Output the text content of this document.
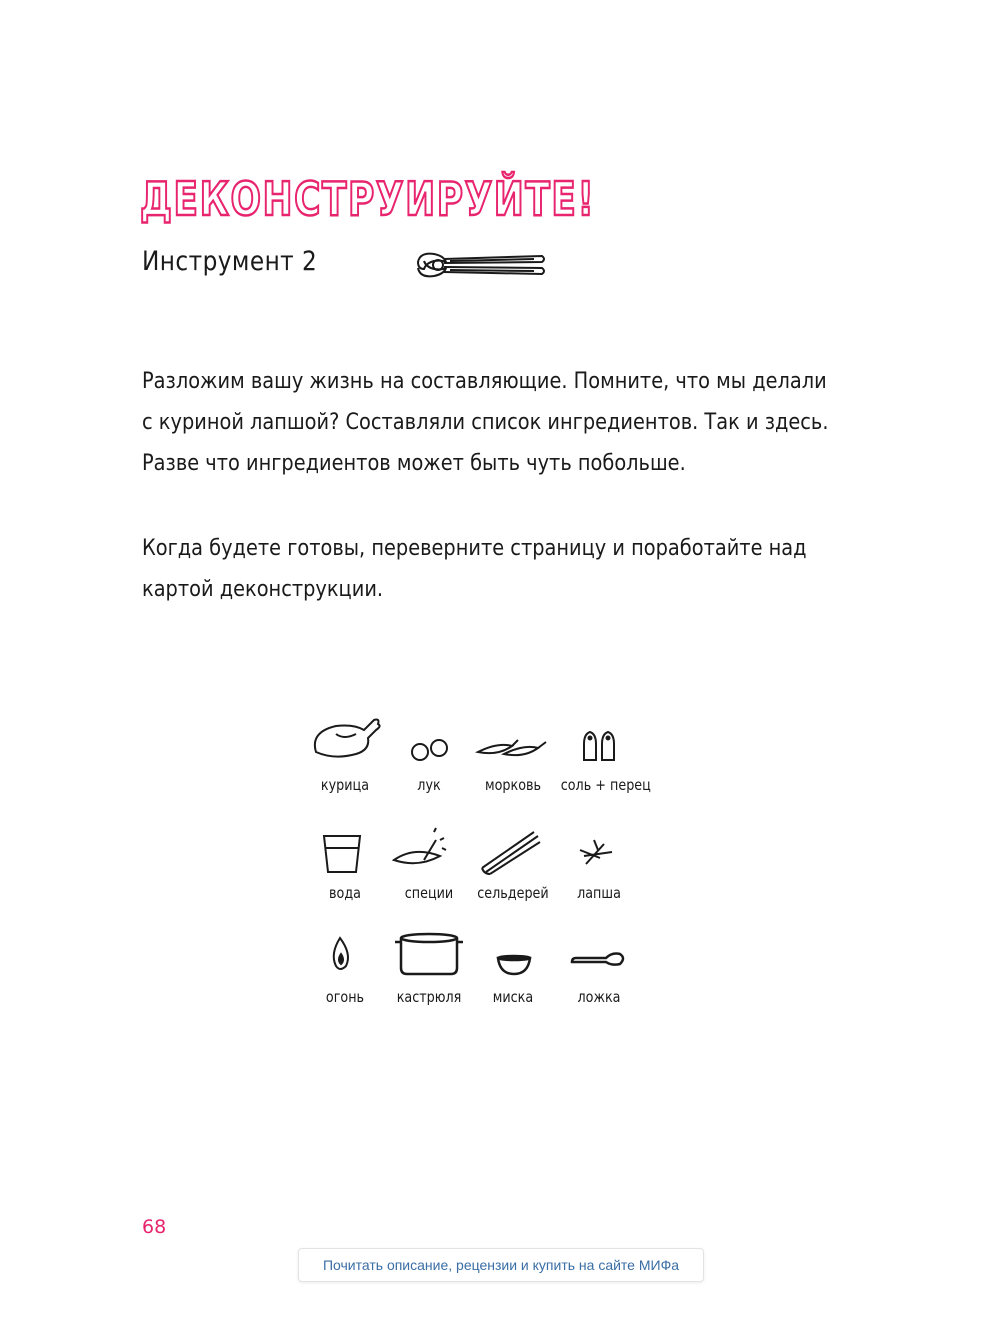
ДЕКОНСТРУИРУЙТЕ!
Инструмент 2
Разложим вашу жизнь на составляющие. Помните, что мы делали
с куриной лапшой? Составляли список ингредиентов. Так и здесь.
Разве что ингредиентов может быть чуть побольше.
Когда будете готовы, переверните страницу и поработайте над
картой деконструкции.
курица	лук	морковь	соль + перец
вода	специи	сельдерей	лапша
огонь	кастрюля	миска	ложка
68
Почитать описание, рецензии и купить на сайте МИФа
